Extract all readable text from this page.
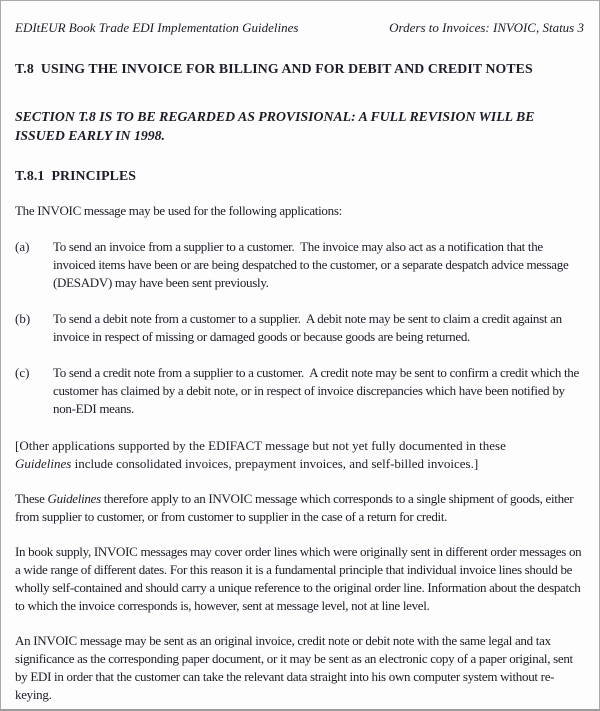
EDItEUR Book Trade EDI Implementation Guidelines	Orders to Invoices: INVOIC, Status 3
T.8  USING THE INVOICE FOR BILLING AND FOR DEBIT AND CREDIT NOTES
SECTION T.8 IS TO BE REGARDED AS PROVISIONAL: A FULL REVISION WILL BE ISSUED EARLY IN 1998.
T.8.1  PRINCIPLES
The INVOIC message may be used for the following applications:
(a)	To send an invoice from a supplier to a customer.  The invoice may also act as a notification that the invoiced items have been or are being despatched to the customer, or a separate despatch advice message (DESADV) may have been sent previously.
(b)	To send a debit note from a customer to a supplier.  A debit note may be sent to claim a credit against an invoice in respect of missing or damaged goods or because goods are being returned.
(c)	To send a credit note from a supplier to a customer.  A credit note may be sent to confirm a credit which the customer has claimed by a debit note, or in respect of invoice discrepancies which have been notified by non-EDI means.
[Other applications supported by the EDIFACT message but not yet fully documented in these Guidelines include consolidated invoices, prepayment invoices, and self-billed invoices.]
These Guidelines therefore apply to an INVOIC message which corresponds to a single shipment of goods, either from supplier to customer, or from customer to supplier in the case of a return for credit.
In book supply, INVOIC messages may cover order lines which were originally sent in different order messages on a wide range of different dates. For this reason it is a fundamental principle that individual invoice lines should be wholly self-contained and should carry a unique reference to the original order line. Information about the despatch to which the invoice corresponds is, however, sent at message level, not at line level.
An INVOIC message may be sent as an original invoice, credit note or debit note with the same legal and tax significance as the corresponding paper document, or it may be sent as an electronic copy of a paper original, sent by EDI in order that the customer can take the relevant data straight into his own computer system without re-keying.
